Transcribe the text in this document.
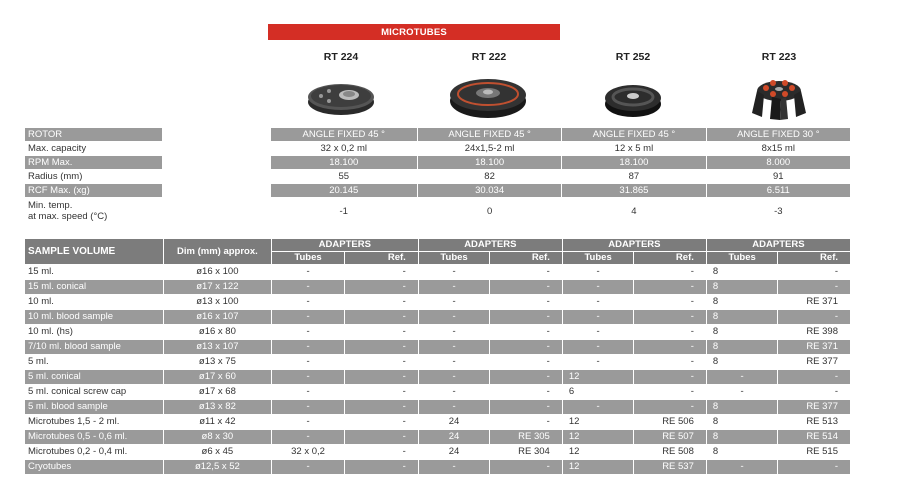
MICROTUBES
RT 224	RT 222	RT 252	RT 223
ROTOR		ANGLE FIXED 45 °	ANGLE FIXED 45 °	ANGLE FIXED 45 °	ANGLE FIXED 30 °
Max. capacity		32 x 0,2 ml	24x1,5-2 ml	12 x 5 ml	8x15 ml
RPM Max.		18.100	18.100	18.100	8.000
Radius (mm)		55	82	87	91
RCF Max. (xg)		20.145	30.034	31.865	6.511

Min. temp.
at max. speed (°C)		-1	0	4	-3
SAMPLE VOLUME	Dim (mm) approx.	ADAPTERS		ADAPTERS		ADAPTERS		ADAPTERS	
		Tubes	Ref.	Tubes	Ref.	Tubes	Ref.	Tubes	Ref.
15 ml.	ø16 x 100	-	-	-	-	-	-	8	-
15 ml. conical	ø17 x 122	-	-	-	-	-	-	8	-
10 ml.	ø13 x 100	-	-	-	-	-	-	8	RE 371
10 ml. blood sample	ø16 x 107	-	-	-	-	-	-	8	-
10 ml. (hs)	ø16 x 80	-	-	-	-	-	-	8	RE 398
7/10 ml. blood sample	ø13 x 107	-	-	-	-	-	-	8	RE 371
5 ml.	ø13 x 75	-	-	-	-	-	-	8	RE 377
5 ml. conical	ø17 x 60	-	-	-	-	12	-	-	-
5 ml. conical screw cap	ø17 x 68	-	-	-	-	6	-	-	-
5 ml. blood sample	ø13 x 82	-	-	-	-	-	-	8	RE 377
Microtubes 1,5 - 2 ml.	ø11 x 42	-	-	24	-	12	RE 506	8	RE 513
Microtubes 0,5 - 0,6 ml.	ø8 x 30	-	-	24	RE 305	12	RE 507	8	RE 514
Microtubes 0,2 - 0,4 ml.	ø6 x 45	32 x 0,2	-	24	RE 304	12	RE 508	8	RE 515
Cryotubes	ø12,5 x 52	-	-	-	-	12	RE 537	-	-
